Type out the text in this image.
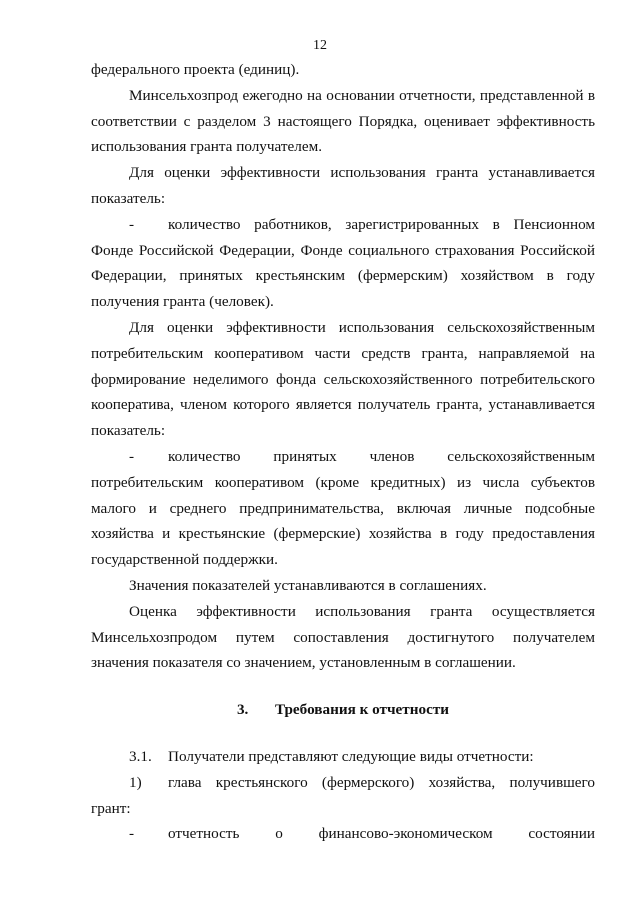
12

федерального проекта (единиц).

Минсельхозпрод ежегодно на основании отчетности, представленной в соответствии с разделом 3 настоящего Порядка, оценивает эффективность использования гранта получателем.

Для оценки эффективности использования гранта устанавливается показатель:

- количество работников, зарегистрированных в Пенсионном Фонде Российской Федерации, Фонде социального страхования Российской Федерации, принятых крестьянским (фермерским) хозяйством в году получения гранта (человек).

Для оценки эффективности использования сельскохозяйственным потребительским кооперативом части средств гранта, направляемой на формирование неделимого фонда сельскохозяйственного потребительского кооператива, членом которого является получатель гранта, устанавливается показатель:

- количество принятых членов сельскохозяйственным потребительским кооперативом (кроме кредитных) из числа субъектов малого и среднего предпринимательства, включая личные подсобные хозяйства и крестьянские (фермерские) хозяйства в году предоставления государственной поддержки.

Значения показателей устанавливаются в соглашениях.

Оценка эффективности использования гранта осуществляется Минсельхозпродом путем сопоставления достигнутого получателем значения показателя со значением, установленным в соглашении.

3. Требования к отчетности

3.1. Получатели представляют следующие виды отчетности:

1) глава крестьянского (фермерского) хозяйства, получившего грант:

- отчетность о финансово-экономическом состоянии
